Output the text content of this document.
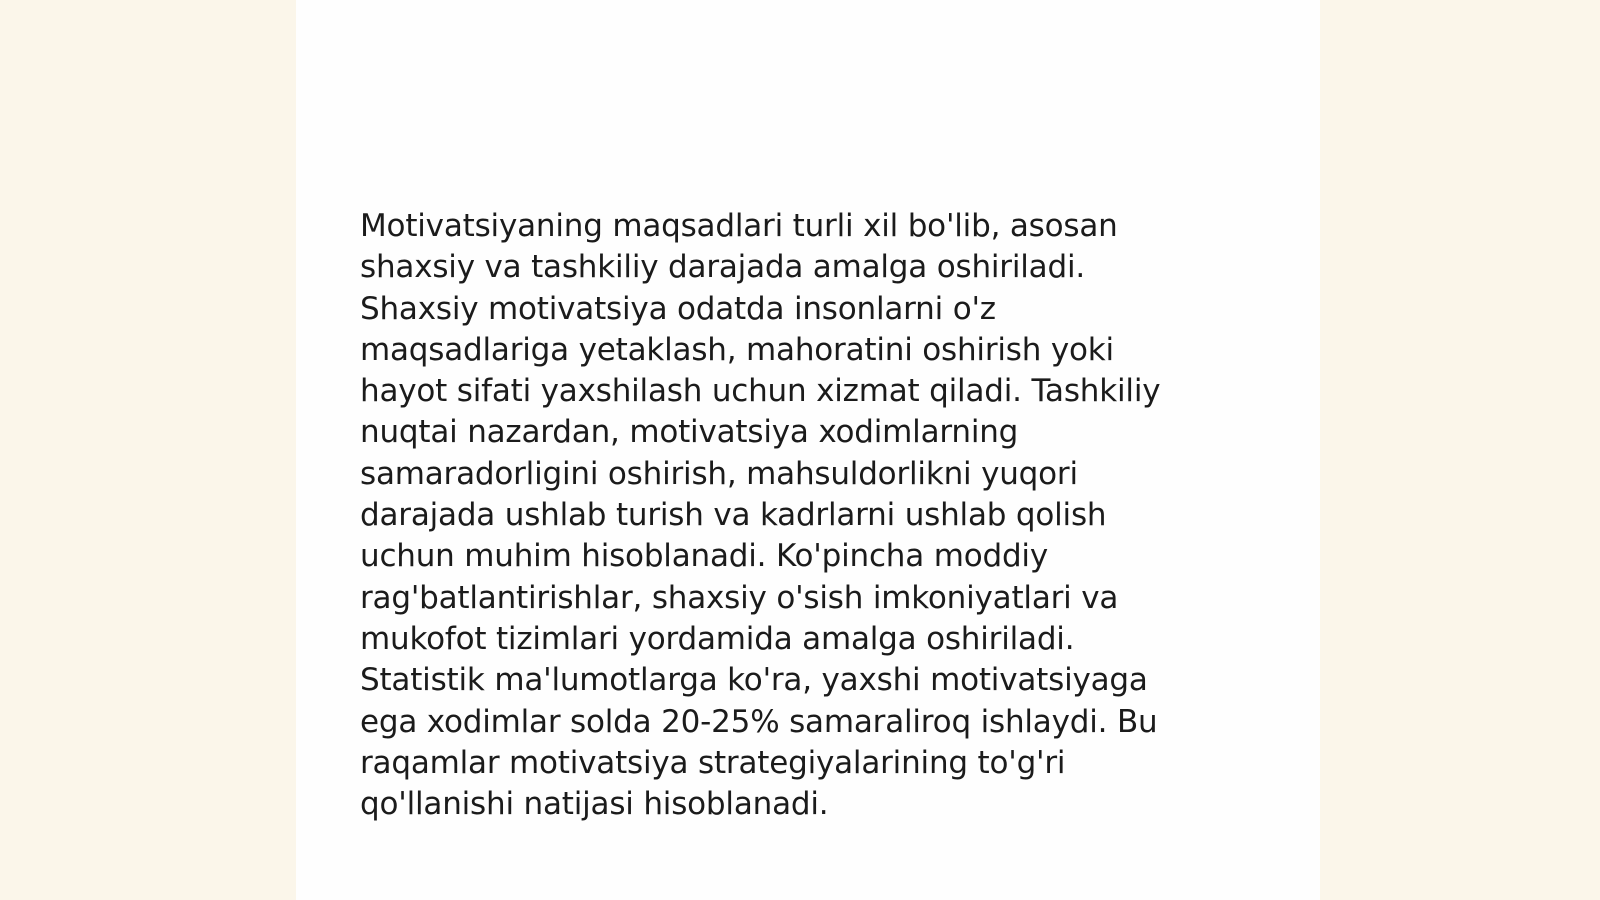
Motivatsiyaning maqsadlari turli xil bo'lib, asosan
shaxsiy va tashkiliy darajada amalga oshiriladi.
Shaxsiy motivatsiya odatda insonlarni o'z
maqsadlariga yetaklash, mahoratini oshirish yoki
hayot sifati yaxshilash uchun xizmat qiladi. Tashkiliy
nuqtai nazardan, motivatsiya xodimlarning
samaradorligini oshirish, mahsuldorlikni yuqori
darajada ushlab turish va kadrlarni ushlab qolish
uchun muhim hisoblanadi. Ko'pincha moddiy
rag'batlantirishlar, shaxsiy o'sish imkoniyatlari va
mukofot tizimlari yordamida amalga oshiriladi.
Statistik ma'lumotlarga ko'ra, yaxshi motivatsiyaga
ega xodimlar solda 20-25% samaraliroq ishlaydi. Bu
raqamlar motivatsiya strategiyalarining to'g'ri
qo'llanishi natijasi hisoblanadi.
